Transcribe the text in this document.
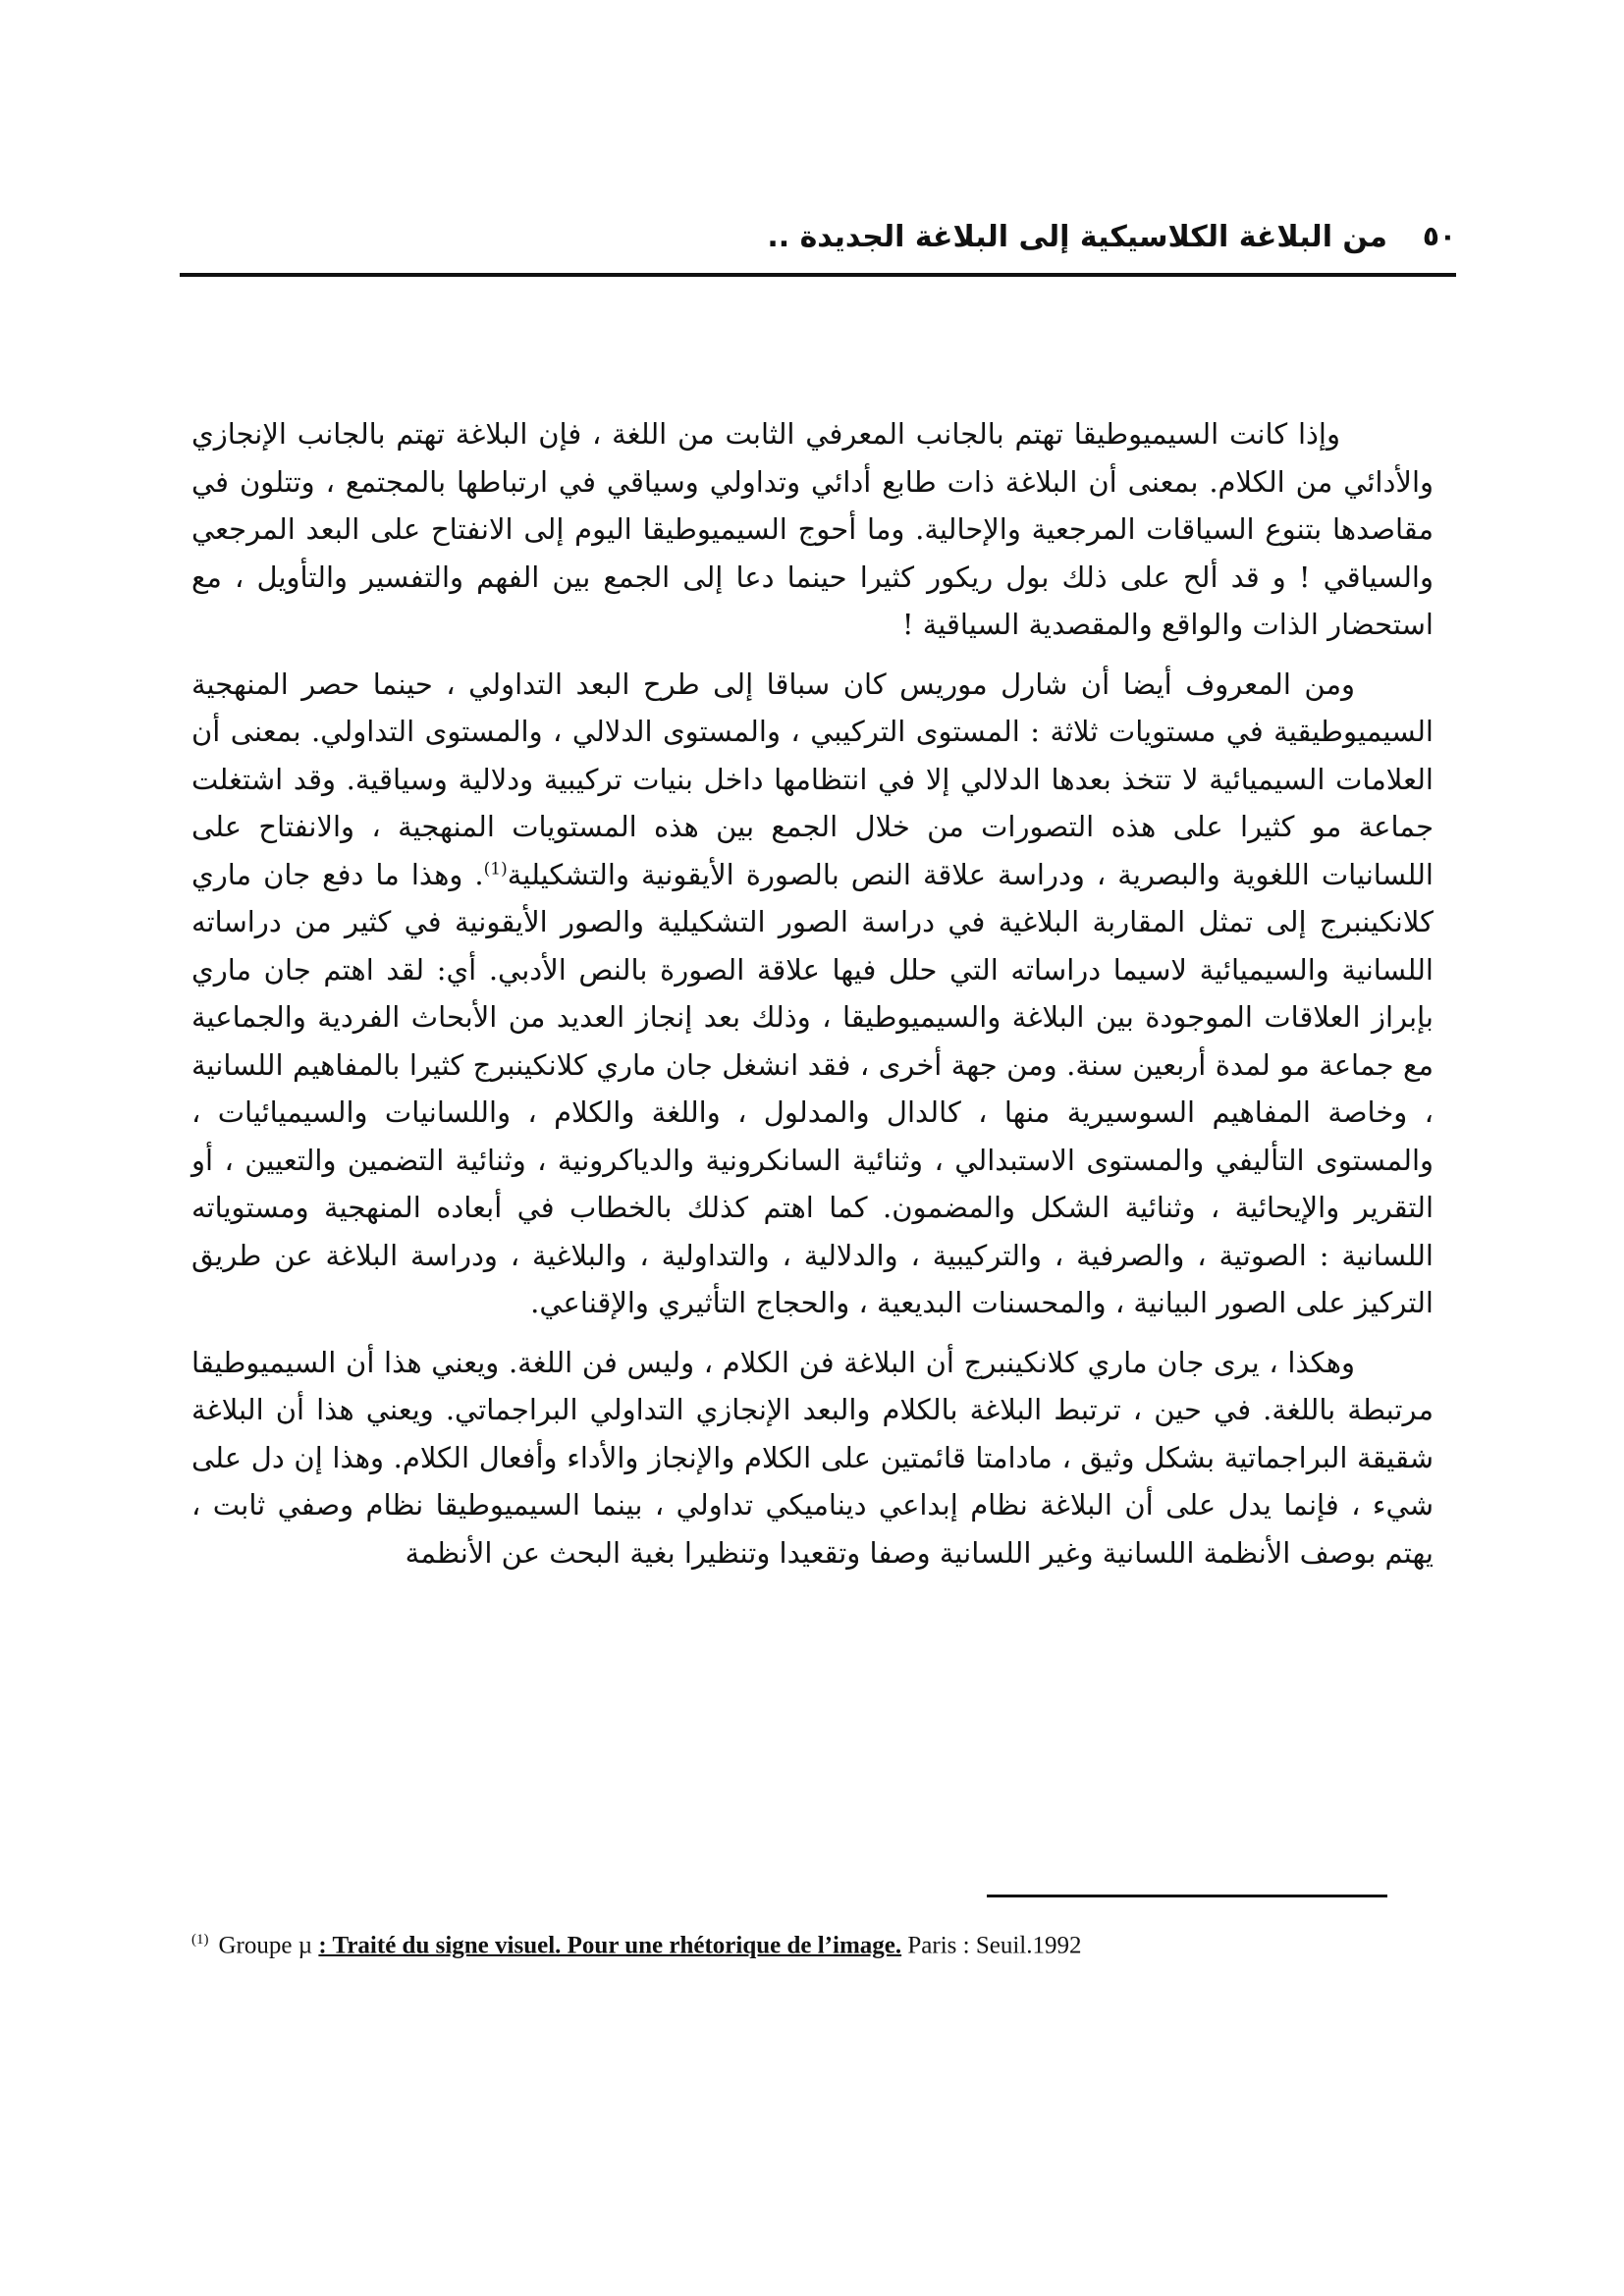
٥٠
من البلاغة الكلاسيكية إلى البلاغة الجديدة ..

وإذا كانت السيميوطيقا تهتم بالجانب المعرفي الثابت من اللغة ، فإن البلاغة تهتم بالجانب الإنجازي والأدائي من الكلام. بمعنى أن البلاغة ذات طابع أدائي وتداولي وسياقي في ارتباطها بالمجتمع ، وتتلون في مقاصدها بتنوع السياقات المرجعية والإحالية. وما أحوج السيميوطيقا اليوم إلى الانفتاح على البعد المرجعي والسياقي ! و قد ألح على ذلك بول ريكور كثيرا حينما دعا إلى الجمع بين الفهم والتفسير والتأويل ، مع استحضار الذات والواقع والمقصدية السياقية !

ومن المعروف أيضا أن شارل موريس كان سباقا إلى طرح البعد التداولي ، حينما حصر المنهجية السيميوطيقية في مستويات ثلاثة : المستوى التركيبي ، والمستوى الدلالي ، والمستوى التداولي. بمعنى أن العلامات السيميائية لا تتخذ بعدها الدلالي إلا في انتظامها داخل بنيات تركيبية ودلالية وسياقية. وقد اشتغلت جماعة مو كثيرا على هذه التصورات من خلال الجمع بين هذه المستويات المنهجية ، والانفتاح على اللسانيات اللغوية والبصرية ، ودراسة علاقة النص بالصورة الأيقونية والتشكيلية$^{(1)}$. وهذا ما دفع جان ماري كلانكينبرج إلى تمثل المقاربة البلاغية في دراسة الصور التشكيلية والصور الأيقونية في كثير من دراساته اللسانية والسيميائية لاسيما دراساته التي حلل فيها علاقة الصورة بالنص الأدبي. أي: لقد اهتم جان ماري بإبراز العلاقات الموجودة بين البلاغة والسيميوطيقا ، وذلك بعد إنجاز العديد من الأبحاث الفردية والجماعية مع جماعة مو لمدة أربعين سنة. ومن جهة أخرى ، فقد انشغل جان ماري كلانكينبرج كثيرا بالمفاهيم اللسانية ، وخاصة المفاهيم السوسيرية منها ، كالدال والمدلول ، واللغة والكلام ، واللسانيات والسيميائيات ، والمستوى التأليفي والمستوى الاستبدالي ، وثنائية السانكرونية والدياكرونية ، وثنائية التضمين والتعيين ، أو التقرير والإيحائية ، وثنائية الشكل والمضمون. كما اهتم كذلك بالخطاب في أبعاده المنهجية ومستوياته اللسانية : الصوتية ، والصرفية ، والتركيبية ، والدلالية ، والتداولية ، والبلاغية ، ودراسة البلاغة عن طريق التركيز على الصور البيانية ، والمحسنات البديعية ، والحجاج التأثيري والإقناعي.

وهكذا ، يرى جان ماري كلانكينبرج أن البلاغة فن الكلام ، وليس فن اللغة. ويعني هذا أن السيميوطيقا مرتبطة باللغة. في حين ، ترتبط البلاغة بالكلام والبعد الإنجازي التداولي البراجماتي. ويعني هذا أن البلاغة شقيقة البراجماتية بشكل وثيق ، مادامتا قائمتين على الكلام والإنجاز والأداء وأفعال الكلام. وهذا إن دل على شيء ، فإنما يدل على أن البلاغة نظام إبداعي ديناميكي تداولي ، بينما السيميوطيقا نظام وصفي ثابت ، يهتم بوصف الأنظمة اللسانية وغير اللسانية وصفا وتقعيدا وتنظيرا بغية البحث عن الأنظمة

$^{(1)}$ Groupe µ : Traité du signe visuel. Pour une rhétorique de l’image. Paris : Seuil.1992
